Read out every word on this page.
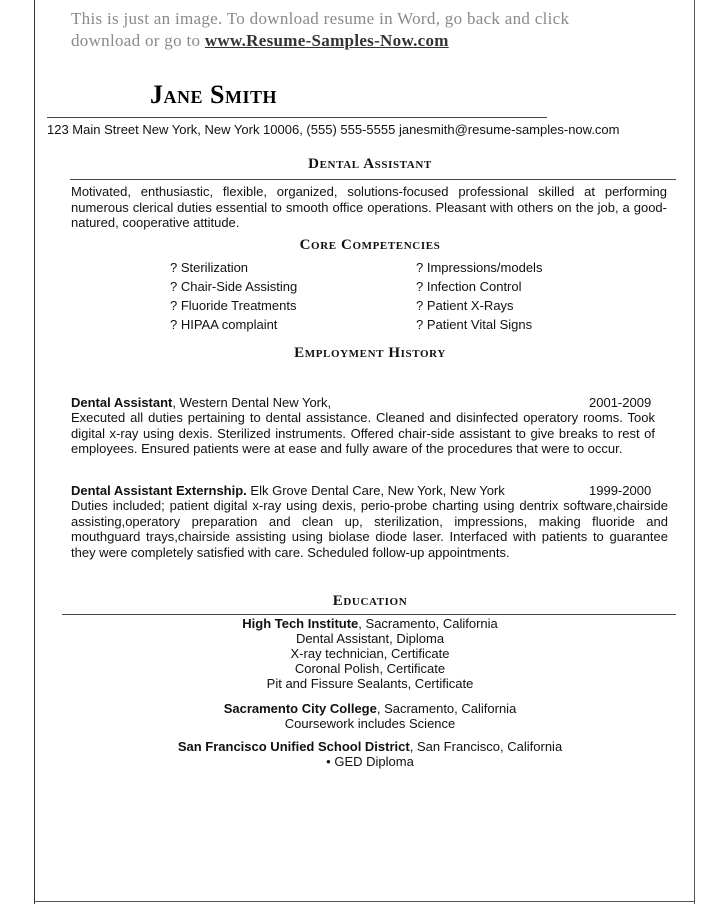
This is just an image. To download resume in Word, go back and click
download or go to www.Resume-Samples-Now.com
Jane Smith
123 Main Street New York, New York 10006, (555) 555-5555 janesmith@resume-samples-now.com
Dental Assistant
Motivated, enthusiastic, flexible, organized, solutions-focused professional skilled at performing numerous clerical duties essential to smooth office operations. Pleasant with others on the job, a good-natured, cooperative attitude.
Core Competencies
? Sterilization
? Chair-Side Assisting
? Fluoride Treatments
? HIPAA complaint
? Impressions/models
? Infection Control
? Patient X-Rays
? Patient Vital Signs
Employment History
Dental Assistant, Western Dental New York,	2001-2009
Executed all duties pertaining to dental assistance. Cleaned and disinfected operatory rooms. Took digital x-ray using dexis. Sterilized instruments. Offered chair-side assistant to give breaks to rest of employees. Ensured patients were at ease and fully aware of the procedures that were to occur.
Dental Assistant Externship. Elk Grove Dental Care, New York, New York	1999-2000
Duties included; patient digital x-ray using dexis, perio-probe charting using dentrix software,chairside assisting,operatory preparation and clean up, sterilization, impressions, making fluoride and mouthguard trays,chairside assisting using biolase diode laser. Interfaced with patients to guarantee they were completely satisfied with care. Scheduled follow-up appointments.
Education
High Tech Institute, Sacramento, California
Dental Assistant, Diploma
X-ray technician, Certificate
Coronal Polish, Certificate
Pit and Fissure Sealants, Certificate
Sacramento City College, Sacramento, California
Coursework includes Science
San Francisco Unified School District, San Francisco, California
• GED Diploma
